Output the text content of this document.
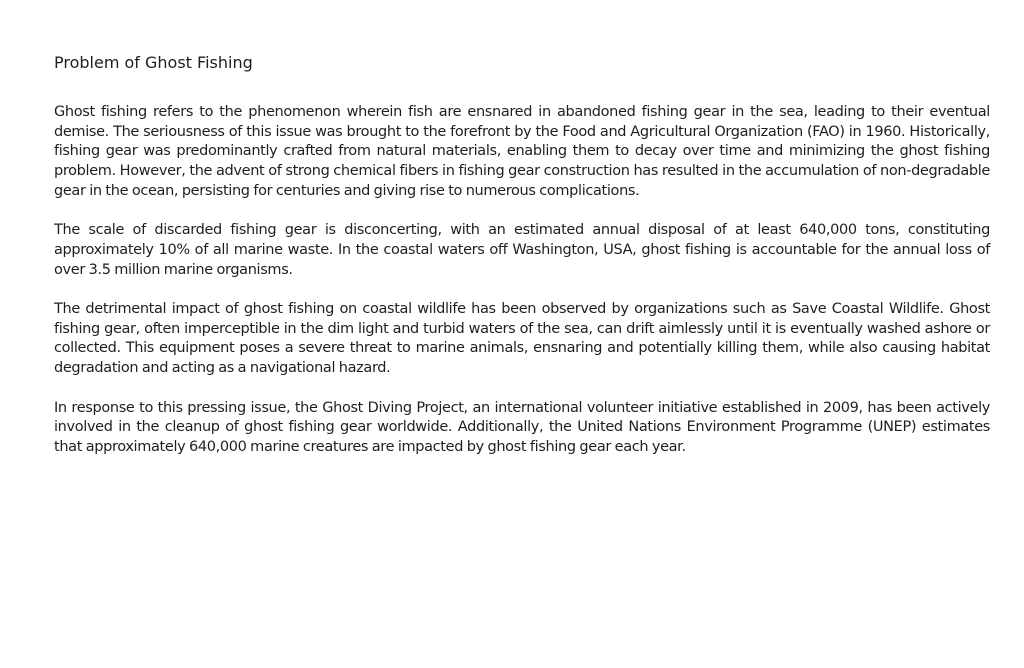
Problem of Ghost Fishing

Ghost fishing refers to the phenomenon wherein fish are ensnared in abandoned fishing gear in the sea, leading to their eventual demise. The seriousness of this issue was brought to the forefront by the Food and Agricultural Organization (FAO) in 1960. Historically, fishing gear was predominantly crafted from natural materials, enabling them to decay over time and minimizing the ghost fishing problem. However, the advent of strong chemical fibers in fishing gear construction has resulted in the accumulation of non-degradable gear in the ocean, persisting for centuries and giving rise to numerous complications.

The scale of discarded fishing gear is disconcerting, with an estimated annual disposal of at least 640,000 tons, constituting approximately 10% of all marine waste. In the coastal waters off Washington, USA, ghost fishing is accountable for the annual loss of over 3.5 million marine organisms.

The detrimental impact of ghost fishing on coastal wildlife has been observed by organizations such as Save Coastal Wildlife. Ghost fishing gear, often imperceptible in the dim light and turbid waters of the sea, can drift aimlessly until it is eventually washed ashore or collected. This equipment poses a severe threat to marine animals, ensnaring and potentially killing them, while also causing habitat degradation and acting as a navigational hazard.

In response to this pressing issue, the Ghost Diving Project, an international volunteer initiative established in 2009, has been actively involved in the cleanup of ghost fishing gear worldwide. Additionally, the United Nations Environment Programme (UNEP) estimates that approximately 640,000 marine creatures are impacted by ghost fishing gear each year.
